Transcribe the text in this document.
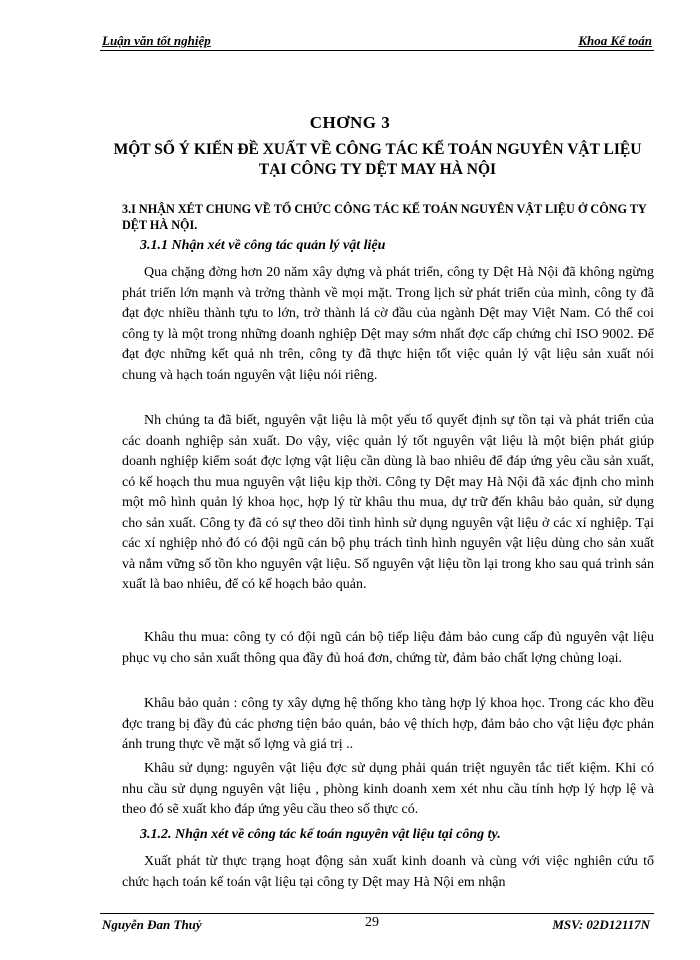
Luận văn tốt nghiệp	Khoa Kế toán
CHƠNG 3
MỘT SỐ Ý KIẾN ĐỀ XUẤT VỀ CÔNG TÁC KẾ TOÁN NGUYÊN VẬT LIỆU TẠI CÔNG TY DỆT MAY HÀ NỘI
3.I NHẬN XÉT CHUNG VỀ TỔ CHỨC CÔNG TÁC KẾ TOÁN NGUYÊN VẬT LIỆU Ở CÔNG TY DỆT HÀ NỘI.
3.1.1 Nhận xét về công tác quản lý vật liệu
Qua chặng đờng hơn 20 năm xây dựng và phát triển, công ty Dệt Hà Nội đã không ngừng phát triển lớn mạnh và trởng thành về mọi mặt. Trong lịch sử phát triển của mình, công ty đã đạt đợc nhiều thành tựu to lớn, trở thành lá cờ đầu của ngành Dệt may Việt Nam. Có thể coi công ty là một trong những doanh nghiệp Dệt may sớm nhất đợc cấp chứng chỉ ISO 9002. Để đạt đợc những kết quả nh trên, công ty đã thực hiện tốt việc quản lý vật liệu sản xuất nói chung và hạch toán nguyên vật liệu nói riêng.
Nh chúng ta đã biết, nguyên vật liệu là một yếu tố quyết định sự tồn tại và phát triển của các doanh nghiệp sản xuất. Do vậy, việc quản lý tốt nguyên vật liệu là một biện phát giúp doanh nghiệp kiểm soát đợc lợng vật liệu cần dùng là bao nhiêu để đáp ứng yêu cầu sản xuất, có kế hoạch thu mua nguyên vật liệu kịp thời. Công ty Dệt may Hà Nội đã xác định cho mình một mô hình quản lý khoa học, hợp lý từ khâu thu mua, dự trữ đến khâu bảo quản, sử dụng cho sản xuất. Công ty đã có sự theo dõi tình hình sử dụng nguyên vật liệu ở các xí nghiệp. Tại các xí nghiệp nhỏ đó có đội ngũ cán bộ phụ trách tình hình nguyên vật liệu dùng cho sản xuất và nắm vững số tồn kho nguyên vật liệu. Số nguyên vật liệu tồn lại trong kho sau quá trình sản xuất là bao nhiêu, để có kế hoạch bảo quản.
Khâu thu mua: công ty có đội ngũ cán bộ tiếp liệu đảm bảo cung cấp đủ nguyên vật liệu phục vụ cho sản xuất thông qua đầy đủ hoá đơn, chứng từ, đảm bảo chất lợng chủng loại.
Khâu bảo quản : công ty xây dựng hệ thống kho tàng hợp lý khoa học. Trong các kho đều đợc trang bị đầy đủ các phơng tiện bảo quản, bảo vệ thích hợp, đảm bảo cho vật liệu đợc phản ánh trung thực về mặt số lợng và giá trị ..
Khâu sử dụng: nguyên vật liệu đợc sử dụng phải quán triệt nguyên tắc tiết kiệm. Khi có nhu cầu sử dụng nguyên vật liệu , phòng kinh doanh xem xét nhu cầu tính hợp lý hợp lệ và theo đó sẽ xuất kho đáp ứng yêu cầu theo số thực có.
3.1.2. Nhận xét về công tác kế toán nguyên vật liệu tại công ty.
Xuất phát từ thực trạng hoạt động sản xuất kinh doanh và cùng với việc nghiên cứu tổ chức hạch toán kế toán vật liệu tại công ty Dệt may Hà Nội em nhận
Nguyễn Đan Thuỷ	29	MSV: 02D12117N
